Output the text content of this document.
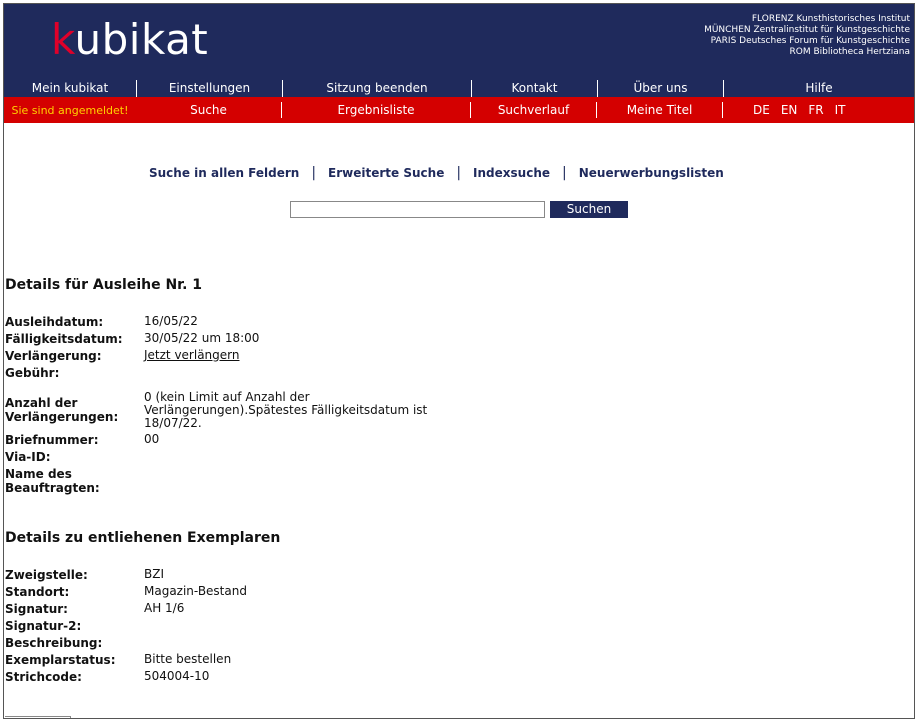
kubikat	FLORENZ Kunsthistorisches Institut
MÜNCHEN Zentralinstitut für Kunstgeschichte
PARIS Deutsches Forum für Kunstgeschichte
ROM Bibliotheca Hertziana
Mein kubikat	Einstellungen	Sitzung beenden	Kontakt	Über uns	Hilfe
Sie sind angemeldet!	Suche	Ergebnisliste	Suchverlauf	Meine Titel	DE EN FR IT
Suche in allen Feldern | Erweiterte Suche | Indexsuche | Neuerwerbungslisten
Suchen
Details für Ausleihe Nr. 1
Ausleihdatum:	16/05/22
Fälligkeitsdatum:	30/05/22 um 18:00
Verlängerung:	Jetzt verlängern
Gebühr:
Anzahl der Verlängerungen:
0 (kein Limit auf Anzahl der Verlängerungen).Spätestes Fälligkeitsdatum ist 18/07/22.
Briefnummer:	00
Via-ID:
Name des Beauftragten:
Details zu entliehenen Exemplaren
Zweigstelle:	BZI
Standort:	Magazin-Bestand
Signatur:	AH 1/6
Signatur-2:
Beschreibung:
Exemplarstatus:	Bitte bestellen
Strichcode:	504004-10
